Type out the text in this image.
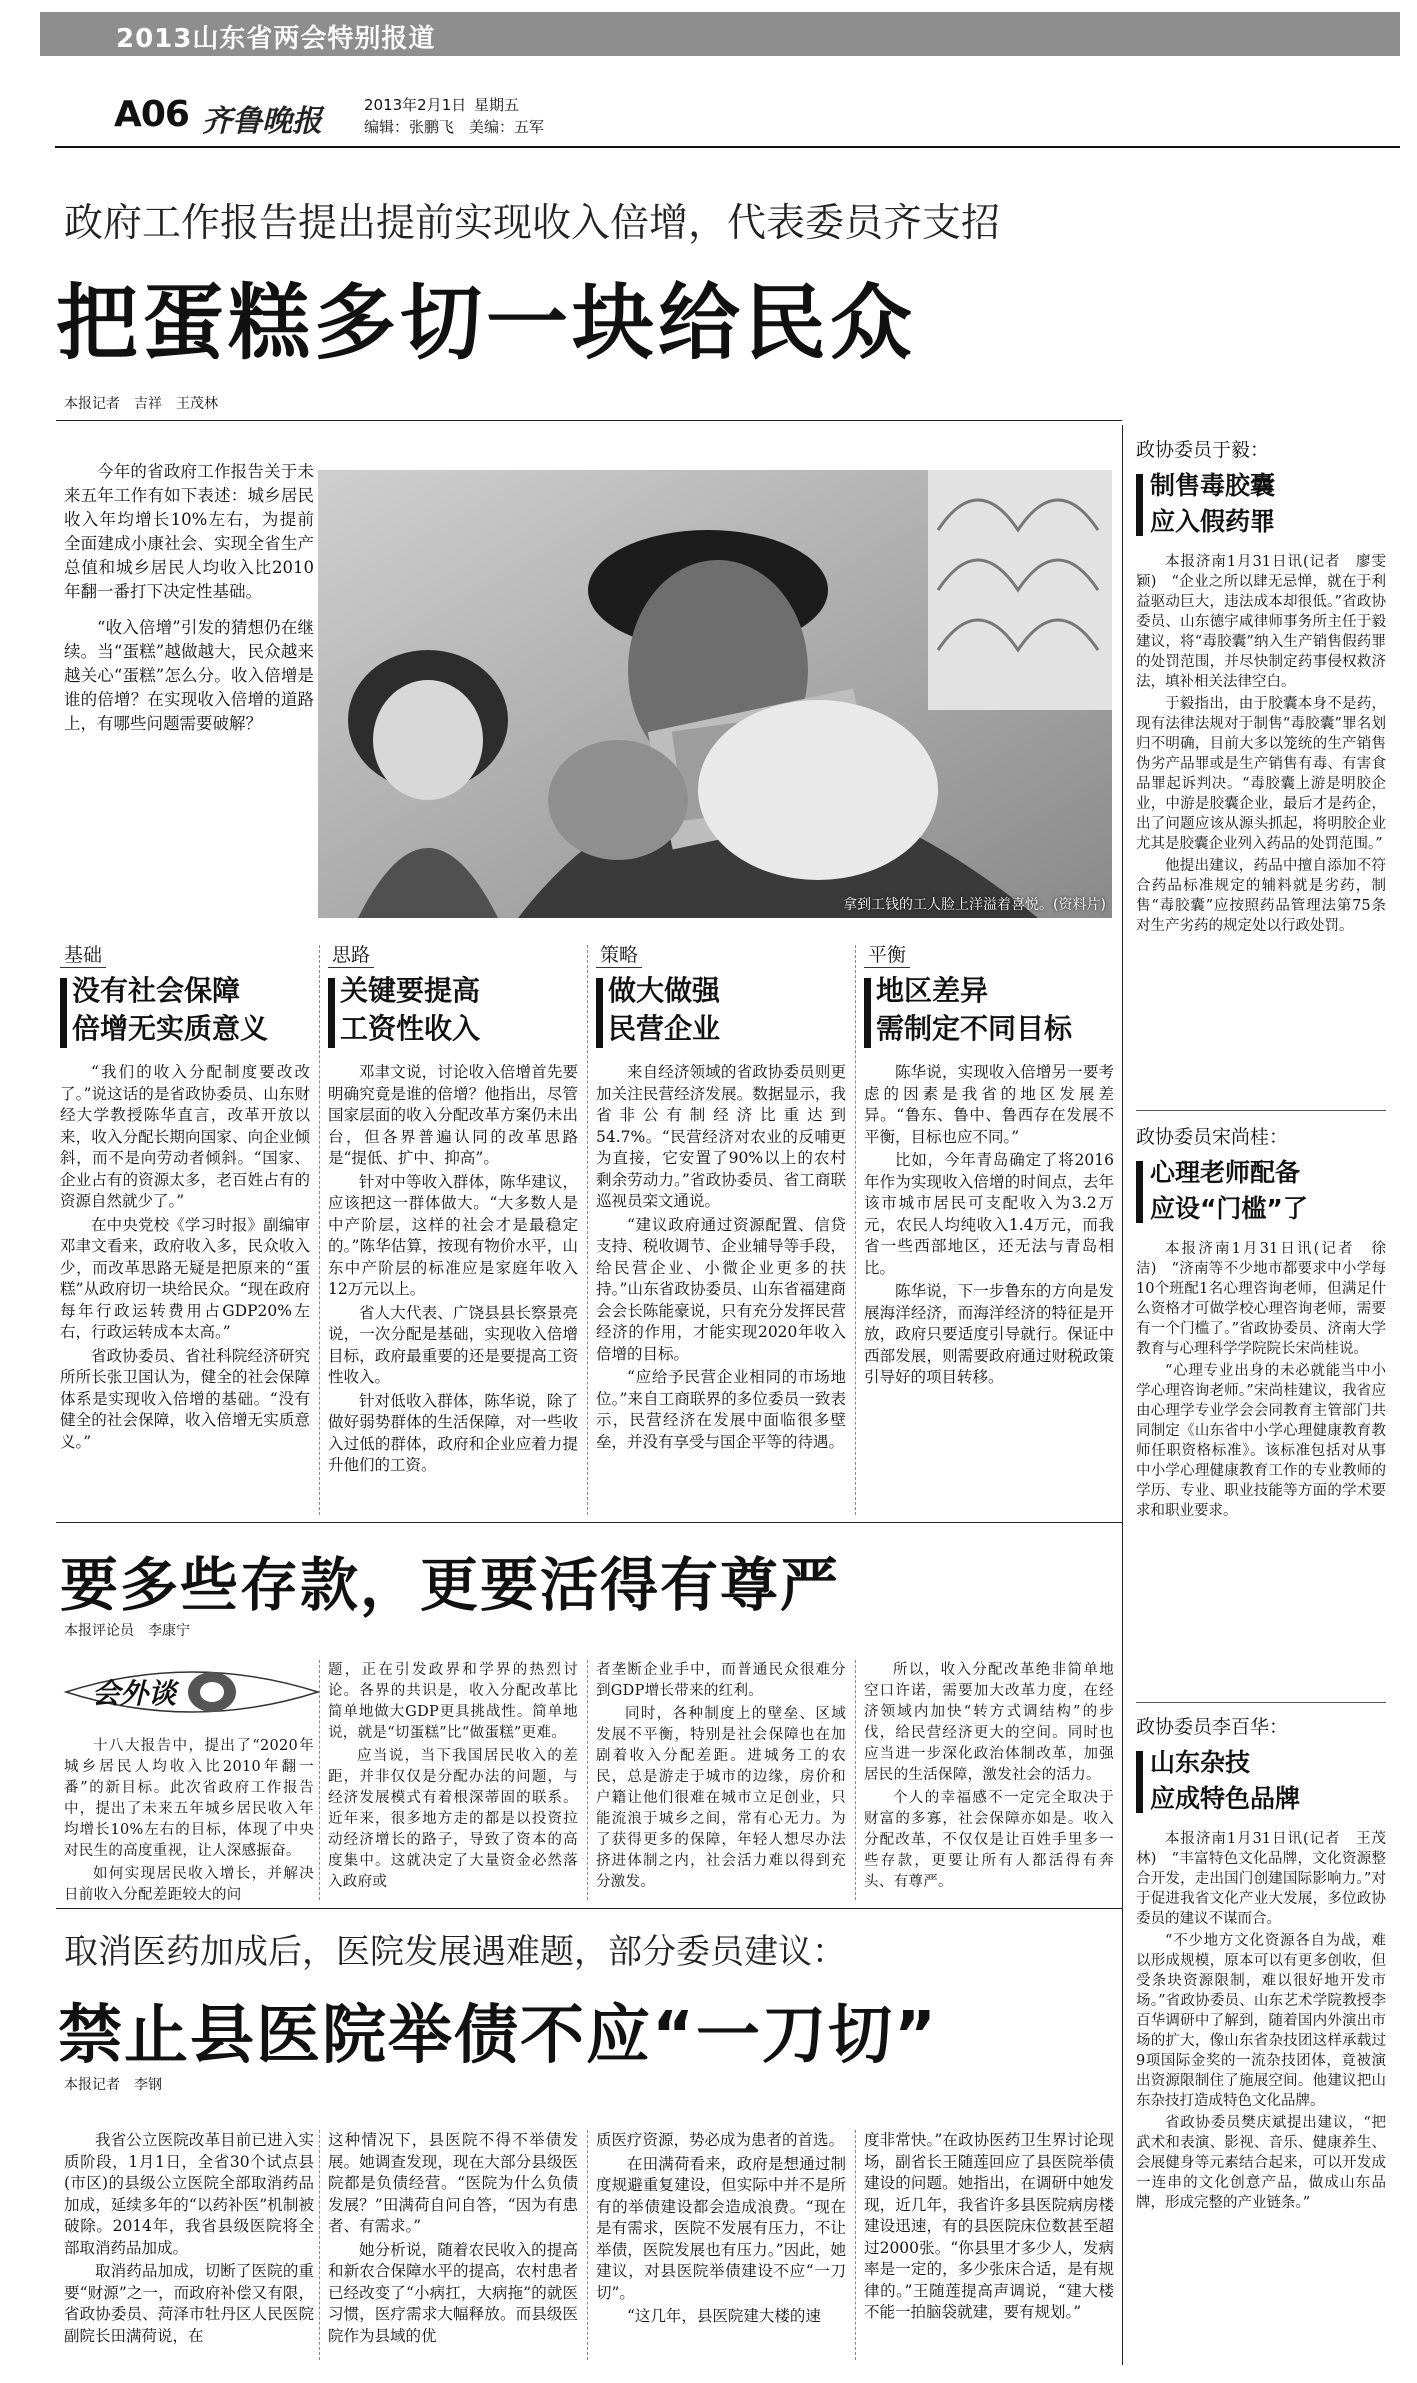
2013山东省两会特别报道
A06 齐鲁晚报	2013年2月1日 星期五
编辑：张鹏飞　美编：五军
政府工作报告提出提前实现收入倍增，代表委员齐支招
把蛋糕多切一块给民众
本报记者　吉祥　王茂林

今年的省政府工作报告关于未来五年工作有如下表述：城乡居民收入年均增长10%左右，为提前全面建成小康社会、实现全省生产总值和城乡居民人均收入比2010年翻一番打下决定性基础。

“收入倍增”引发的猜想仍在继续。当“蛋糕”越做越大，民众越来越关心“蛋糕”怎么分。收入倍增是谁的倍增？在实现收入倍增的道路上，有哪些问题需要破解？

拿到工钱的工人脸上洋溢着喜悦。(资料片)
基础
没有社会保障
倍增无实质意义

“我们的收入分配制度要改改了。”说这话的是省政协委员、山东财经大学教授陈华直言，改革开放以来，收入分配长期向国家、向企业倾斜，而不是向劳动者倾斜。“国家、企业占有的资源太多，老百姓占有的资源自然就少了。”

在中央党校《学习时报》副编审邓聿文看来，政府收入多，民众收入少，而改革思路无疑是把原来的“蛋糕”从政府切一块给民众。“现在政府每年行政运转费用占GDP20%左右，行政运转成本太高。”

省政协委员、省社科院经济研究所所长张卫国认为，健全的社会保障体系是实现收入倍增的基础。“没有健全的社会保障，收入倍增无实质意义。”

思路
关键要提高
工资性收入

邓聿文说，讨论收入倍增首先要明确究竟是谁的倍增？他指出，尽管国家层面的收入分配改革方案仍未出台，但各界普遍认同的改革思路是“提低、扩中、抑高”。

针对中等收入群体，陈华建议，应该把这一群体做大。“大多数人是中产阶层，这样的社会才是最稳定的。”陈华估算，按现有物价水平，山东中产阶层的标准应是家庭年收入12万元以上。

省人大代表、广饶县县长察景亮说，一次分配是基础，实现收入倍增目标，政府最重要的还是要提高工资性收入。

针对低收入群体，陈华说，除了做好弱势群体的生活保障，对一些收入过低的群体，政府和企业应着力提升他们的工资。

策略
做大做强
民营企业

来自经济领域的省政协委员则更加关注民营经济发展。数据显示，我省非公有制经济比重达到54.7%。“民营经济对农业的反哺更为直接，它安置了90%以上的农村剩余劳动力。”省政协委员、省工商联巡视员栾文通说。

“建议政府通过资源配置、信贷支持、税收调节、企业辅导等手段，给民营企业、小微企业更多的扶持。”山东省政协委员、山东省福建商会会长陈能豪说，只有充分发挥民营经济的作用，才能实现2020年收入倍增的目标。

“应给予民营企业相同的市场地位。”来自工商联界的多位委员一致表示，民营经济在发展中面临很多壁垒，并没有享受与国企平等的待遇。

平衡
地区差异
需制定不同目标

陈华说，实现收入倍增另一要考虑的因素是我省的地区发展差异。“鲁东、鲁中、鲁西存在发展不平衡，目标也应不同。”

比如，今年青岛确定了将2016年作为实现收入倍增的时间点，去年该市城市居民可支配收入为3.2万元，农民人均纯收入1.4万元，而我省一些西部地区，还无法与青岛相比。

陈华说，下一步鲁东的方向是发展海洋经济，而海洋经济的特征是开放，政府只要适度引导就行。保证中西部发展，则需要政府通过财税政策引导好的项目转移。

要多些存款，更要活得有尊严
本报评论员　李康宁
会外谈

十八大报告中，提出了“2020年城乡居民人均收入比2010年翻一番”的新目标。此次省政府工作报告中，提出了未来五年城乡居民收入年均增长10%左右的目标，体现了中央对民生的高度重视，让人深感振奋。

如何实现居民收入增长，并解决日前收入分配差距较大的问

题，正在引发政界和学界的热烈讨论。各界的共识是，收入分配改革比简单地做大GDP更具挑战性。简单地说，就是“切蛋糕”比“做蛋糕”更难。

应当说，当下我国居民收入的差距，并非仅仅是分配办法的问题，与经济发展模式有着根深蒂固的联系。近年来，很多地方走的都是以投资拉动经济增长的路子，导致了资本的高度集中。这就决定了大量资金必然落入政府或

者垄断企业手中，而普通民众很难分到GDP增长带来的红利。

同时，各种制度上的壁垒、区域发展不平衡，特别是社会保障也在加剧着收入分配差距。进城务工的农民，总是游走于城市的边缘，房价和户籍让他们很难在城市立足创业，只能流浪于城乡之间，常有心无力。为了获得更多的保障，年轻人想尽办法挤进体制之内，社会活力难以得到充分激发。

所以，收入分配改革绝非简单地空口许诺，需要加大改革力度，在经济领域内加快“转方式调结构”的步伐，给民营经济更大的空间。同时也应当进一步深化政治体制改革，加强居民的生活保障，激发社会的活力。

个人的幸福感不一定完全取决于财富的多寡，社会保障亦如是。收入分配改革，不仅仅是让百姓手里多一些存款，更要让所有人都活得有奔头、有尊严。

取消医药加成后，医院发展遇难题，部分委员建议：
禁止县医院举债不应“一刀切”
本报记者　李钢

我省公立医院改革目前已进入实质阶段，1月1日，全省30个试点县(市区)的县级公立医院全部取消药品加成，延续多年的“以药补医”机制被破除。2014年，我省县级医院将全部取消药品加成。

取消药品加成，切断了医院的重要“财源”之一，而政府补偿又有限，省政协委员、菏泽市牡丹区人民医院副院长田满荷说，在

这种情况下，县医院不得不举债发展。她调查发现，现在大部分县级医院都是负债经营。“医院为什么负债发展？”田满荷自问自答，“因为有患者、有需求。”

她分析说，随着农民收入的提高和新农合保障水平的提高，农村患者已经改变了“小病扛，大病拖”的就医习惯，医疗需求大幅释放。而县级医院作为县域的优

质医疗资源，势必成为患者的首选。

在田满荷看来，政府是想通过制度规避重复建设，但实际中并不是所有的举债建设都会造成浪费。“现在是有需求，医院不发展有压力，不让举债，医院发展也有压力。”因此，她建议，对县医院举债建设不应“一刀切”。

“这几年，县医院建大楼的速

度非常快。”在政协医药卫生界讨论现场，副省长王随莲回应了县医院举债建设的问题。她指出，在调研中她发现，近几年，我省许多县医院病房楼建设迅速，有的县医院床位数甚至超过2000张。“你县里才多少人，发病率是一定的，多少张床合适，是有规律的。”王随莲提高声调说，“建大楼不能一拍脑袋就建，要有规划。”

政协委员于毅：
制售毒胶囊
应入假药罪

本报济南1月31日讯(记者　廖雯颖)　“企业之所以肆无忌惮，就在于利益驱动巨大，违法成本却很低。”省政协委员、山东德宇咸律师事务所主任于毅建议，将“毒胶囊”纳入生产销售假药罪的处罚范围，并尽快制定药事侵权救济法，填补相关法律空白。

于毅指出，由于胶囊本身不是药，现有法律法规对于制售“毒胶囊”罪名划归不明确，目前大多以笼统的生产销售伪劣产品罪或是生产销售有毒、有害食品罪起诉判决。“毒胶囊上游是明胶企业，中游是胶囊企业，最后才是药企，出了问题应该从源头抓起，将明胶企业尤其是胶囊企业列入药品的处罚范围。”

他提出建议，药品中擅自添加不符合药品标准规定的辅料就是劣药，制售“毒胶囊”应按照药品管理法第75条对生产劣药的规定处以行政处罚。

政协委员宋尚桂：
心理老师配备
应设“门槛”了

本报济南1月31日讯(记者　徐洁)　“济南等不少地市都要求中小学每10个班配1名心理咨询老师，但满足什么资格才可做学校心理咨询老师，需要有一个门槛了。”省政协委员、济南大学教育与心理科学学院院长宋尚桂说。

“心理专业出身的未必就能当中小学心理咨询老师。”宋尚桂建议，我省应由心理学专业学会会同教育主管部门共同制定《山东省中小学心理健康教育教师任职资格标准》。该标准包括对从事中小学心理健康教育工作的专业教师的学历、专业、职业技能等方面的学术要求和职业要求。

政协委员李百华：
山东杂技
应成特色品牌

本报济南1月31日讯(记者　王茂林)　“丰富特色文化品牌，文化资源整合开发，走出国门创建国际影响力。”对于促进我省文化产业大发展，多位政协委员的建议不谋而合。

“不少地方文化资源各自为战，难以形成规模，原本可以有更多创收，但受条块资源限制，难以很好地开发市场。”省政协委员、山东艺术学院教授李百华调研中了解到，随着国内外演出市场的扩大，像山东省杂技团这样承载过9项国际金奖的一流杂技团体，竟被演出资源限制住了施展空间。他建议把山东杂技打造成特色文化品牌。

省政协委员樊庆斌提出建议，“把武术和表演、影视、音乐、健康养生、会展健身等元素结合起来，可以开发成一连串的文化创意产品，做成山东品牌，形成完整的产业链条。”
